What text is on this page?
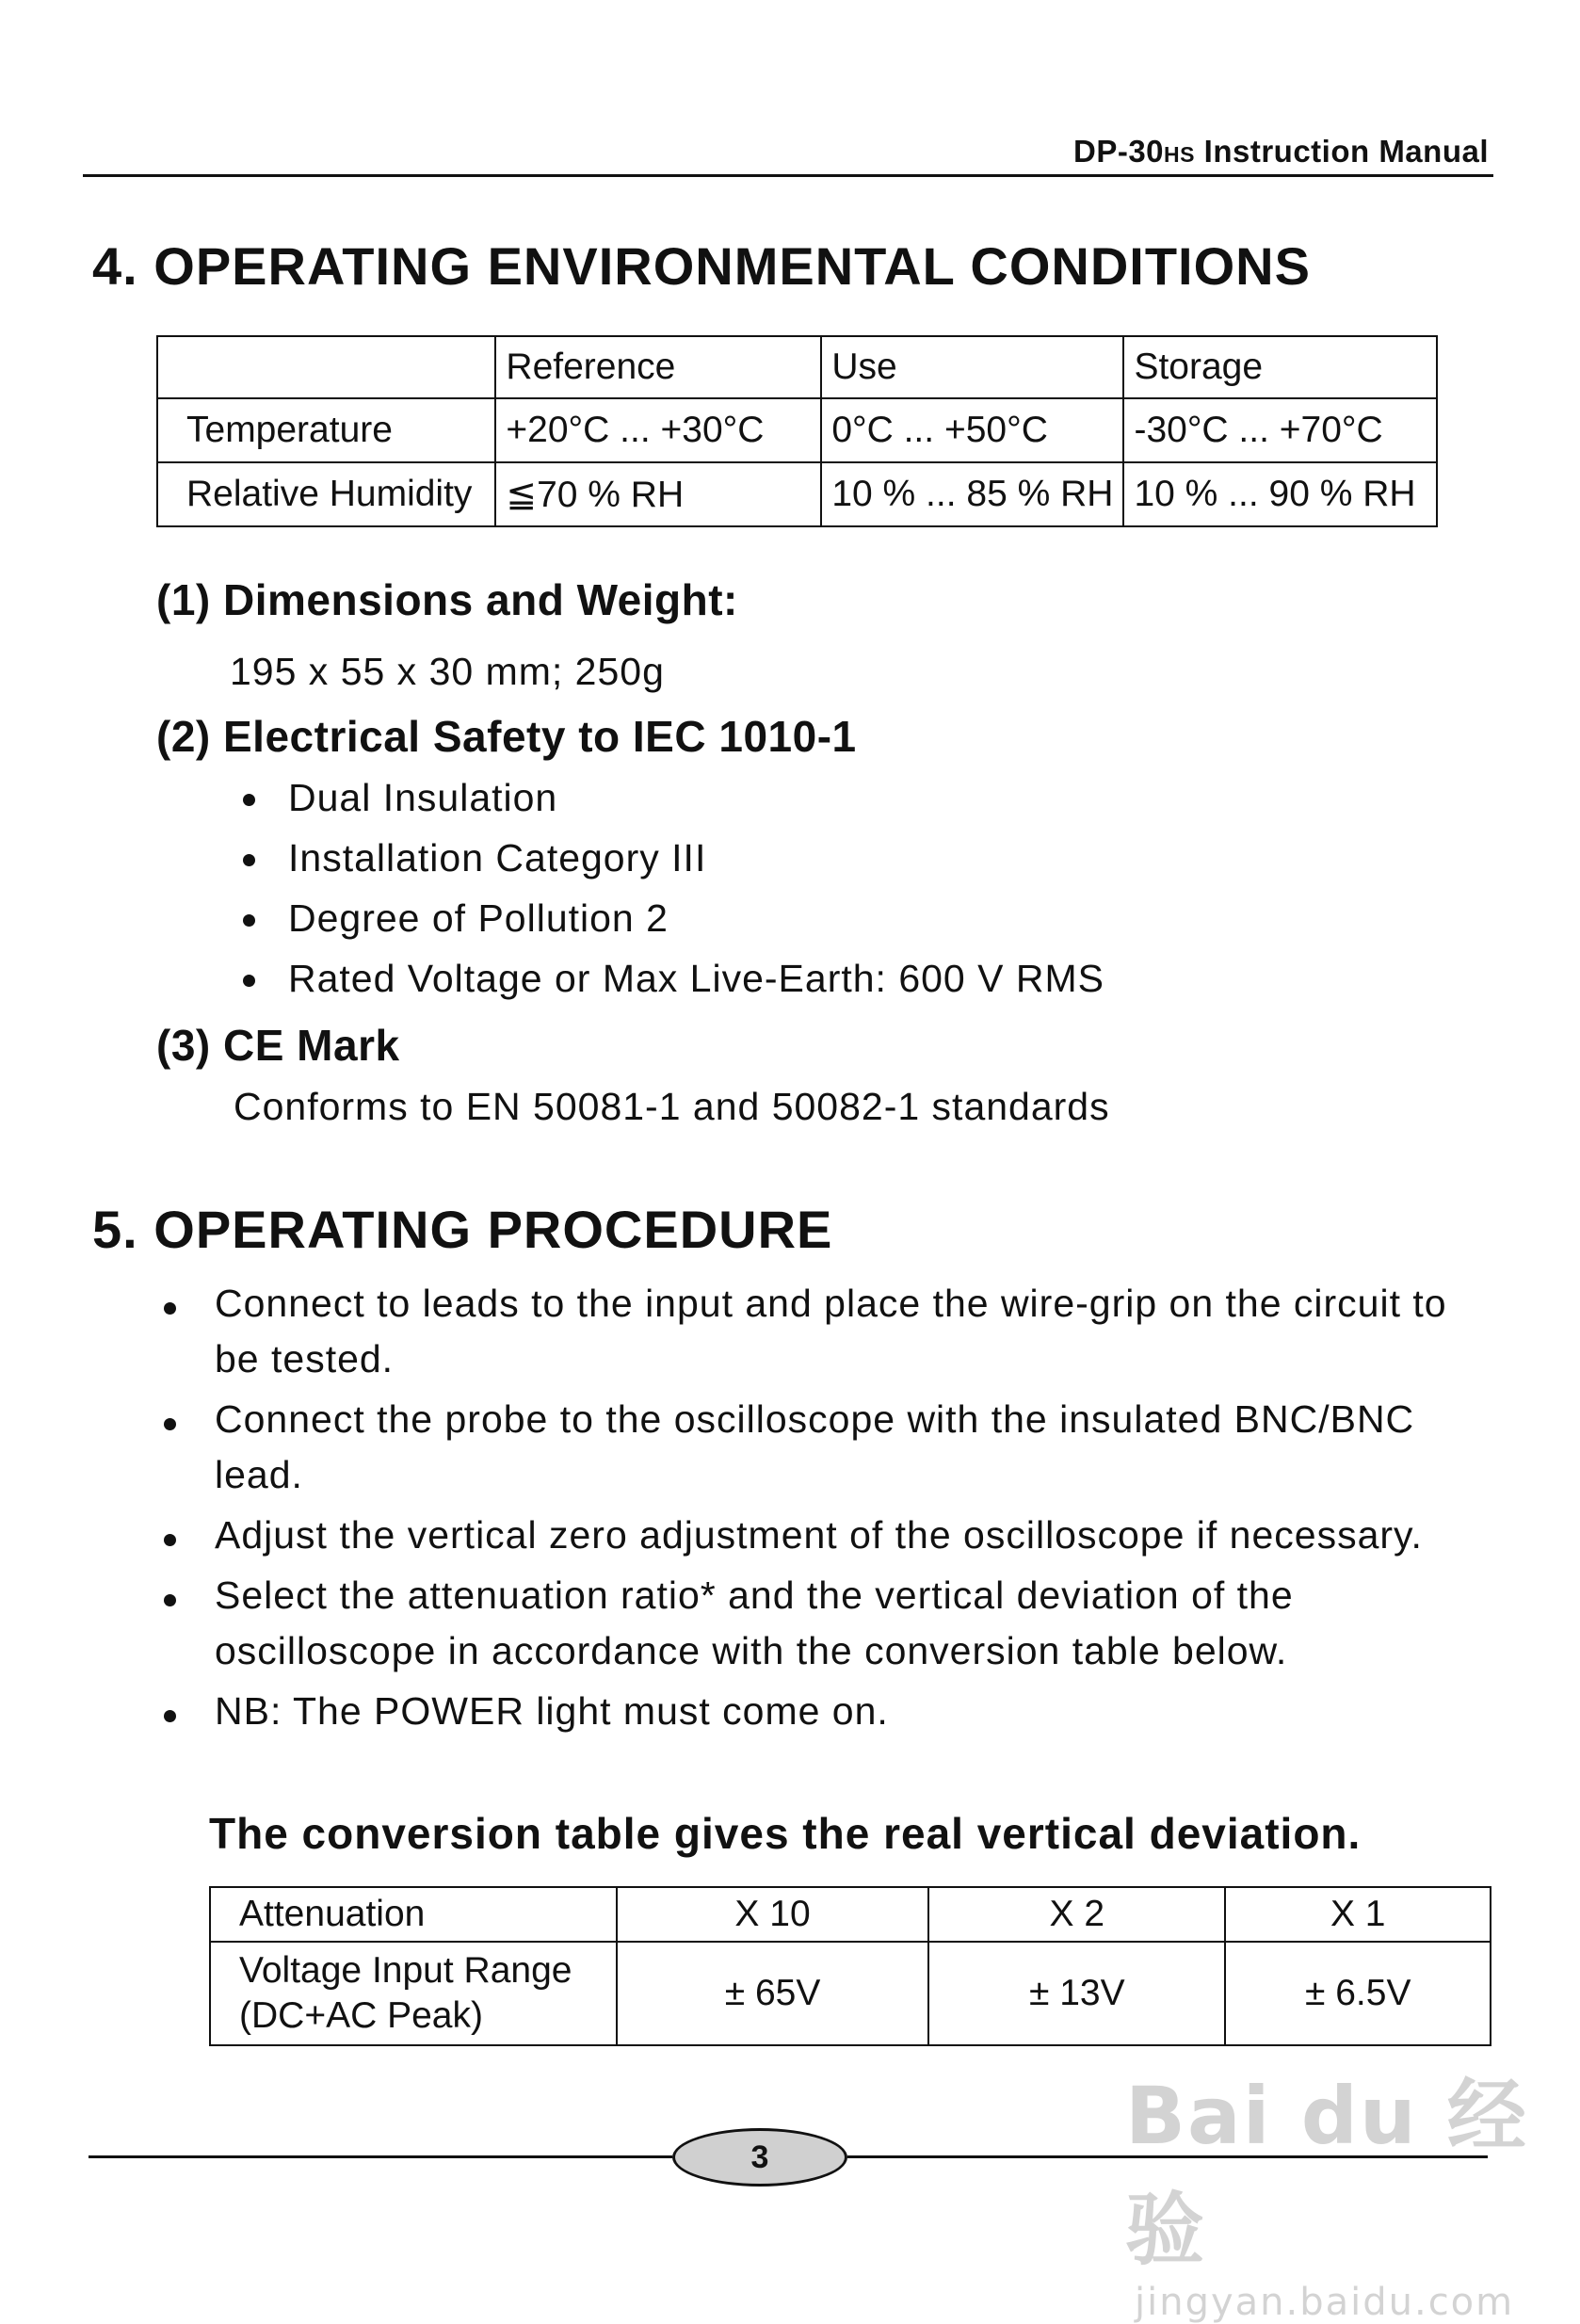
DP-30HS Instruction Manual
4. OPERATING ENVIRONMENTAL CONDITIONS
	Reference	Use	Storage
Temperature	+20°C ... +30°C	0°C ... +50°C	-30°C ... +70°C
Relative Humidity	≦70 % RH	10 % ... 85 % RH	10 % ... 90 % RH
(1) Dimensions and Weight:
195 x 55 x 30 mm; 250g
(2) Electrical Safety to IEC 1010-1
Dual Insulation
Installation Category III
Degree of Pollution 2
Rated Voltage or Max Live-Earth: 600 V RMS
(3) CE Mark
Conforms to EN 50081-1 and 50082-1 standards
5. OPERATING PROCEDURE
Connect to leads to the input and place the wire-grip on the circuit to be tested.
Connect the probe to the oscilloscope with the insulated BNC/BNC lead.
Adjust the vertical zero adjustment of the oscilloscope if necessary.
Select the attenuation ratio* and the vertical deviation of the oscilloscope in accordance with the conversion table below.
NB: The POWER light must come on.
The conversion table gives the real vertical deviation.
Attenuation	X 10	X 2	X 1

Voltage Input Range
(DC+AC Peak)	± 65V	± 13V	± 6.5V
3	Bai du 经验
jingyan.baidu.com
